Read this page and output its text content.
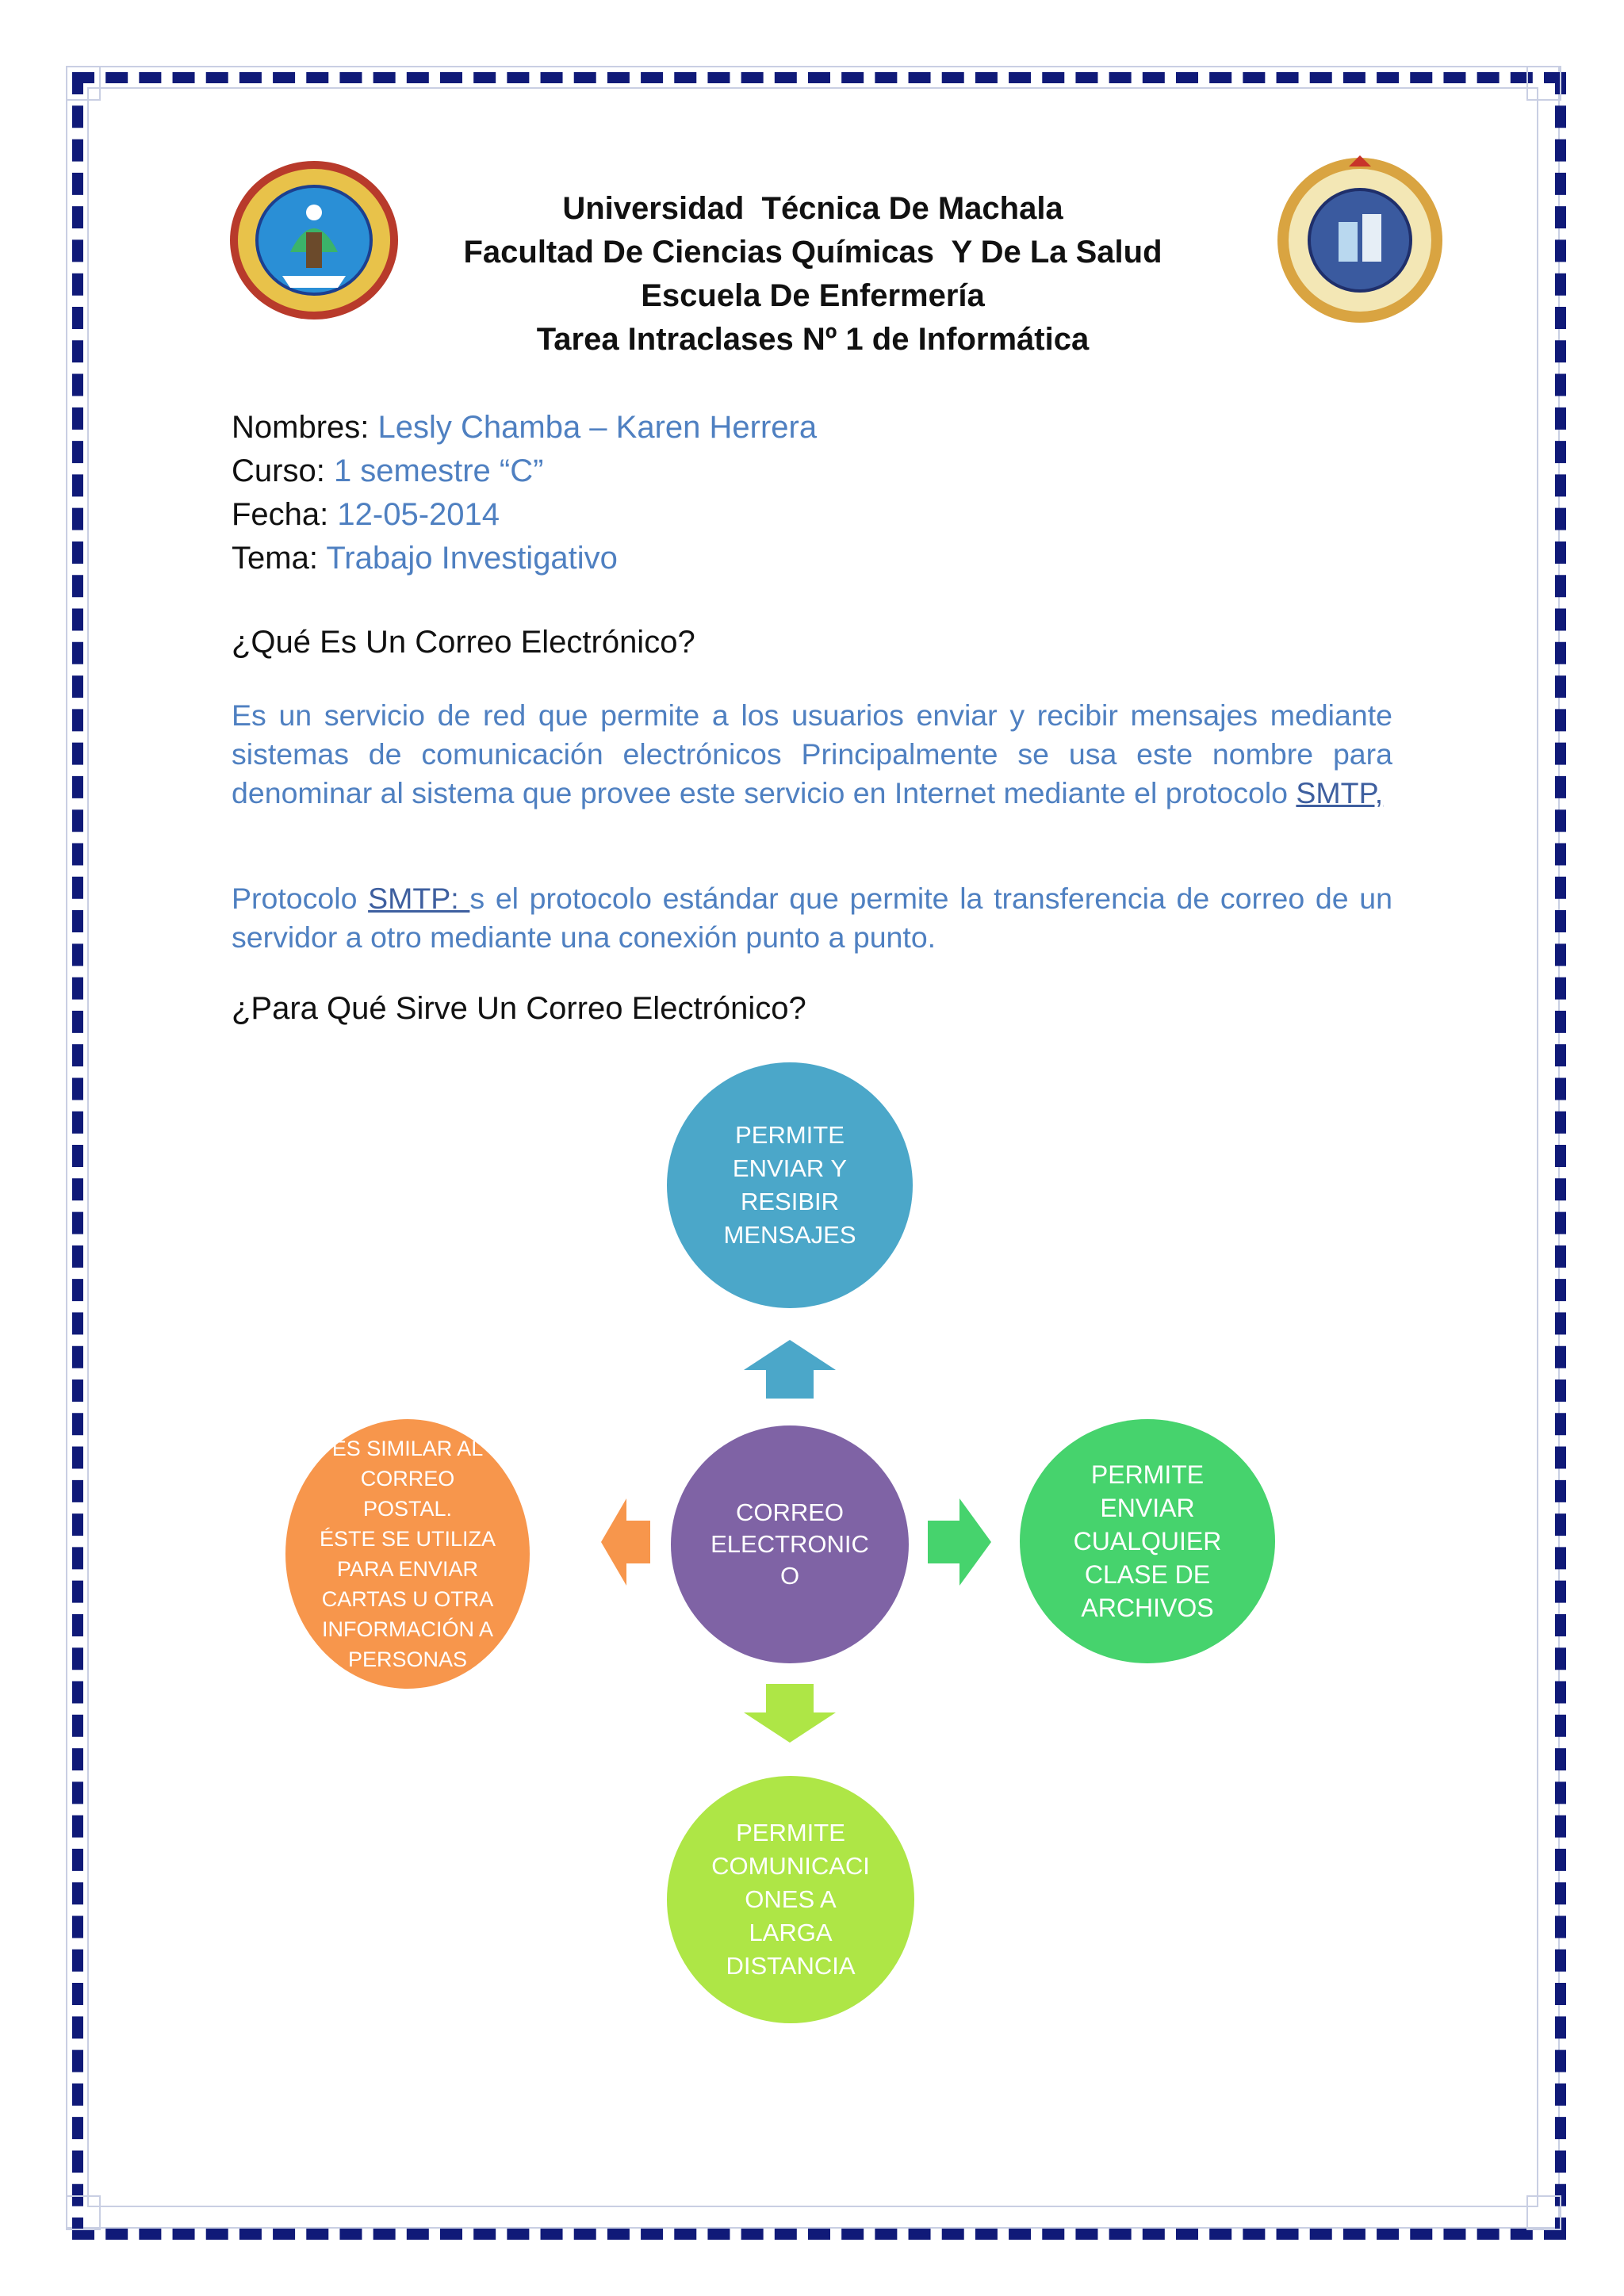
Universidad  Técnica De Machala
Facultad De Ciencias Químicas  Y De La Salud
Escuela De Enfermería
Tarea Intraclases Nº 1 de Informática
Nombres: Lesly Chamba – Karen Herrera
Curso: 1 semestre “C”
Fecha: 12-05-2014
Tema: Trabajo Investigativo
¿Qué Es Un Correo Electrónico?
Es un servicio de red que permite a los usuarios enviar y recibir mensajes mediante sistemas de comunicación electrónicos Principalmente se usa este nombre para denominar al sistema que provee este servicio en Internet mediante el protocolo SMTP,
Protocolo SMTP: s el protocolo estándar que permite la transferencia de correo de un servidor a otro mediante una conexión punto a punto.
¿Para Qué Sirve Un Correo Electrónico?
PERMITE
ENVIAR Y
RESIBIR
MENSAJES
CORREO
ELECTRONIC
O
PERMITE
ENVIAR
CUALQUIER
CLASE DE
ARCHIVOS
PERMITE
COMUNICACI
ONES A
LARGA
DISTANCIA
ES SIMILAR AL
CORREO POSTAL.
ÉSTE SE UTILIZA
PARA ENVIAR
CARTAS U OTRA
INFORMACIÓN A
PERSONAS
